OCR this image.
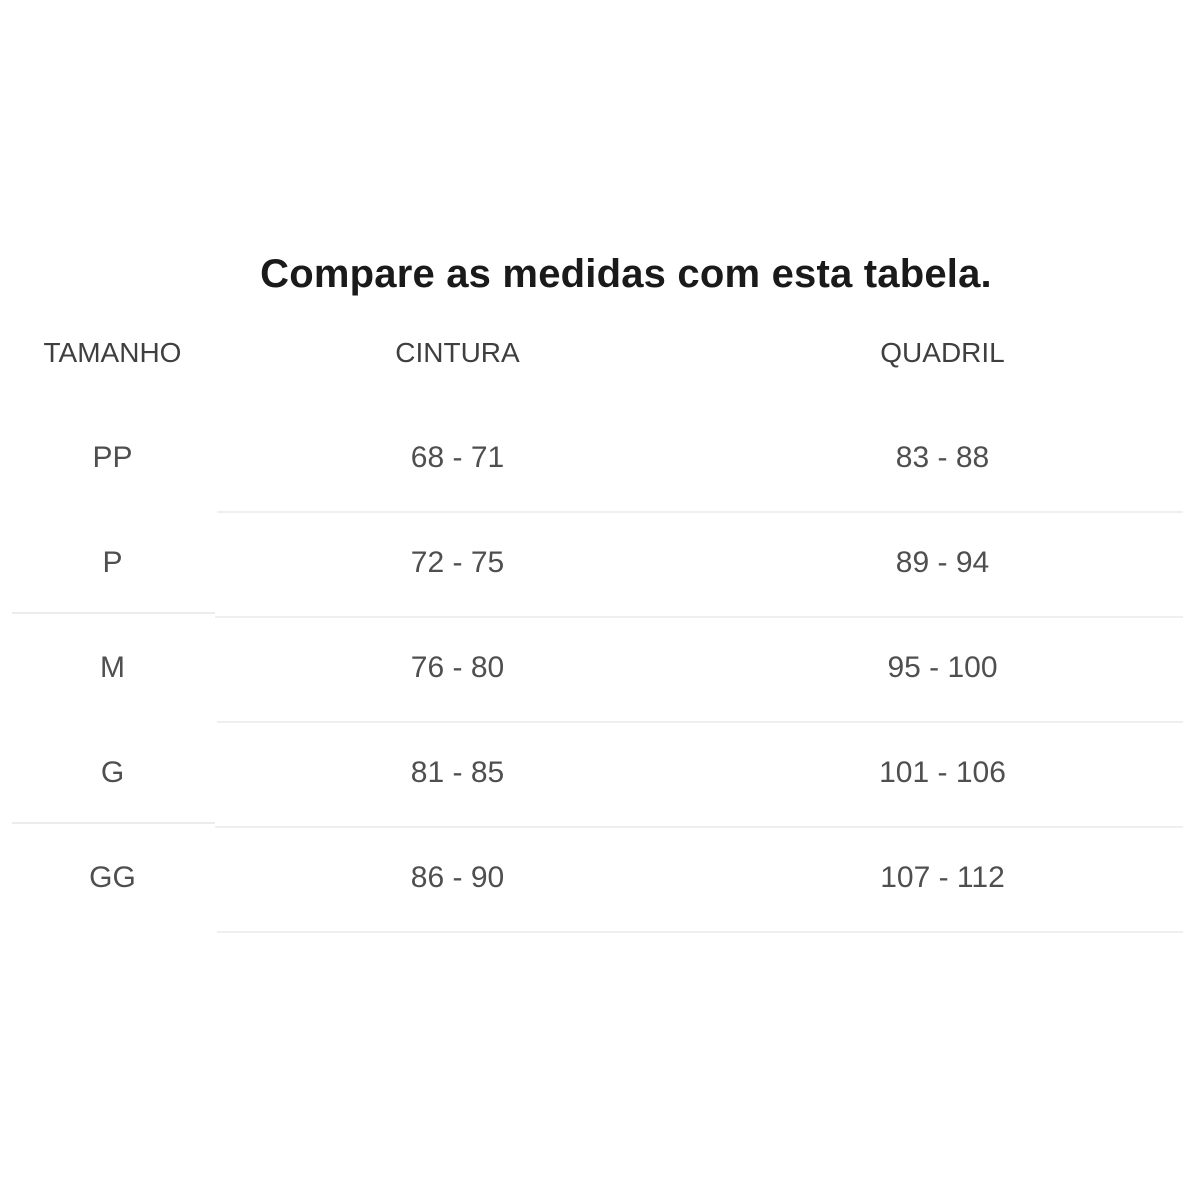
Compare as medidas com esta tabela.
TAMANHO	CINTURA	QUADRIL
PP	68 - 71	83 - 88
P	72 - 75	89 - 94
M	76 - 80	95 - 100
G	81 - 85	101 - 106
GG	86 - 90	107 - 112
